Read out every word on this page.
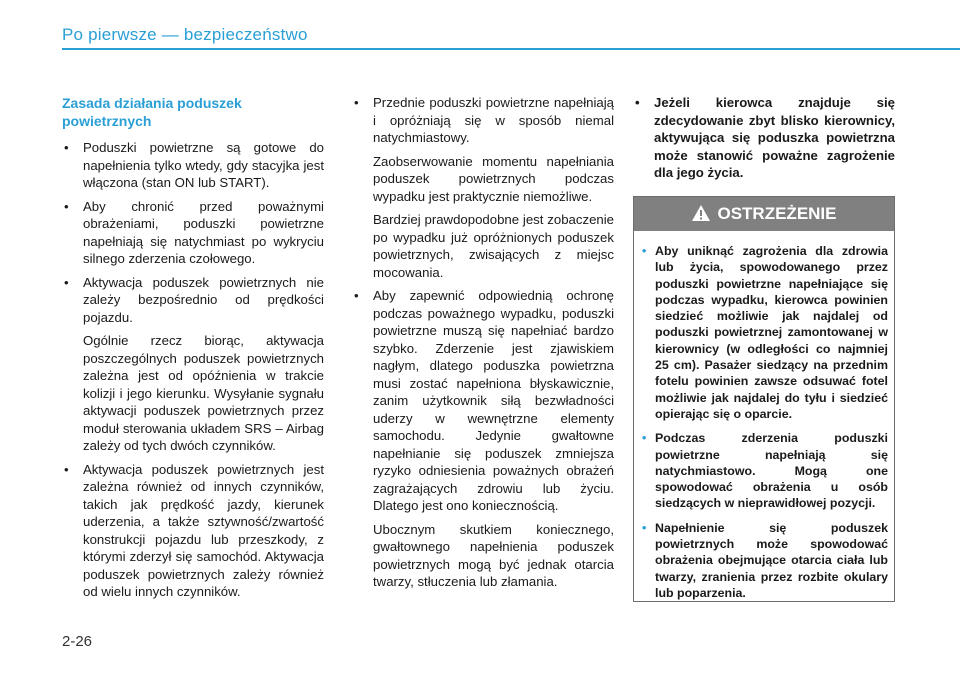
Po pierwsze — bezpieczeństwo
Zasada działania poduszek
powietrznych
• Poduszki powietrzne są gotowe do napełnienia tylko wtedy, gdy stacyjka jest włączona (stan ON lub START).
• Aby chronić przed poważnymi obrażeniami, poduszki powietrzne napełniają się natychmiast po wykryciu silnego zderzenia czołowego.
• Aktywacja poduszek powietrznych nie zależy bezpośrednio od prędkości pojazdu.

Ogólnie rzecz biorąc, aktywacja poszczególnych poduszek powietrznych zależna jest od opóźnienia w trakcie kolizji i jego kierunku. Wysyłanie sygnału aktywacji poduszek powietrznych przez moduł sterowania układem SRS – Airbag zależy od tych dwóch czynników.

• Aktywacja poduszek powietrznych jest zależna również od innych czynników, takich jak prędkość jazdy, kierunek uderzenia, a także sztywność/zwartość konstrukcji pojazdu lub przeszkody, z którymi zderzył się samochód. Aktywacja poduszek powietrznych zależy również od wielu innych czynników.
• Przednie poduszki powietrzne napełniają i opróżniają się w sposób niemal natychmiastowy.

Zaobserwowanie momentu napełniania poduszek powietrznych podczas wypadku jest praktycznie niemożliwe.

Bardziej prawdopodobne jest zobaczenie po wypadku już opróżnionych poduszek powietrznych, zwisających z miejsc mocowania.

• Aby zapewnić odpowiednią ochronę podczas poważnego wypadku, poduszki powietrzne muszą się napełniać bardzo szybko. Zderzenie jest zjawiskiem nagłym, dlatego poduszka powietrzna musi zostać napełniona błyskawicznie, zanim użytkownik siłą bezwładności uderzy w wewnętrzne elementy samochodu. Jedynie gwałtowne napełnianie się poduszek zmniejsza ryzyko odniesienia poważnych obrażeń zagrażających zdrowiu lub życiu. Dlatego jest ono koniecznością.

Ubocznym skutkiem koniecznego, gwałtownego napełnienia poduszek powietrznych mogą być jednak otarcia twarzy, stłuczenia lub złamania.

• Jeżeli kierowca znajduje się zdecydowanie zbyt blisko kierownicy, aktywująca się poduszka powietrzna może stanowić poważne zagrożenie dla jego życia.
OSTRZEŻENIE
• Aby uniknąć zagrożenia dla zdrowia lub życia, spowodowanego przez poduszki powietrzne napełniające się podczas wypadku, kierowca powinien siedzieć możliwie jak najdalej od poduszki powietrznej zamontowanej w kierownicy (w odległości co najmniej 25 cm). Pasażer siedzący na przednim fotelu powinien zawsze odsuwać fotel możliwie jak najdalej do tyłu i siedzieć opierając się o oparcie.
• Podczas zderzenia poduszki powietrzne napełniają się natychmiastowo. Mogą one spowodować obrażenia u osób siedzących w nieprawidłowej pozycji.
• Napełnienie się poduszek powietrznych może spowodować obrażenia obejmujące otarcia ciała lub twarzy, zranienia przez rozbite okulary lub poparzenia.
2-26
